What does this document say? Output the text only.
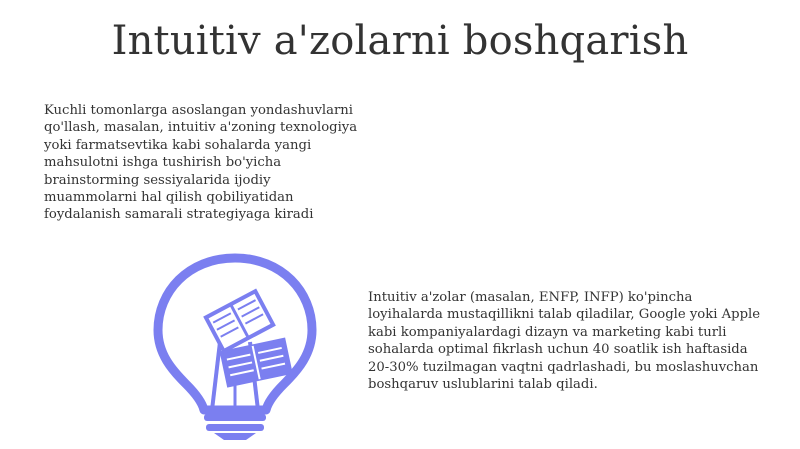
Intuitiv a'zolarni boshqarish

Kuchli tomonlarga asoslangan yondashuvlarni qo'llash, masalan, intuitiv a'zoning texnologiya yoki farmatsevtika kabi sohalarda yangi mahsulotni ishga tushirish bo'yicha brainstorming sessiyalarida ijodiy muammolarni hal qilish qobiliyatidan foydalanish samarali strategiyaga kiradi

Intuitiv a'zolar (masalan, ENFP, INFP) ko'pincha loyihalarda mustaqillikni talab qiladilar, Google yoki Apple kabi kompaniyalardagi dizayn va marketing kabi turli sohalarda optimal fikrlash uchun 40 soatlik ish haftasida 20-30% tuzilmagan vaqtni qadrlashadi, bu moslashuvchan boshqaruv uslublarini talab qiladi.
